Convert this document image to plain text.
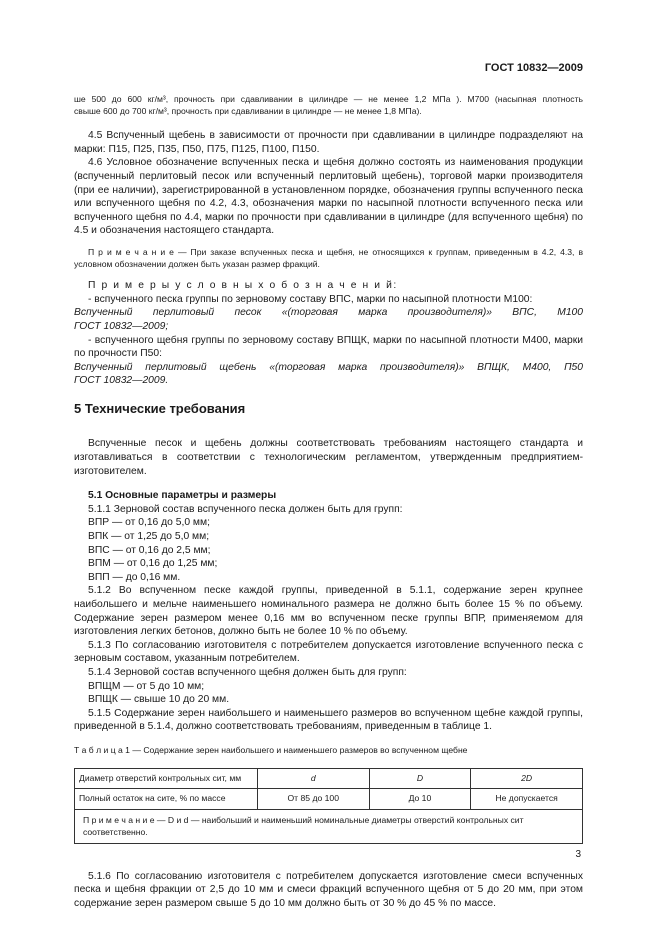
ГОСТ 10832—2009

ше 500 до 600 кг/м³, прочность при сдавливании в цилиндре — не менее 1,2 МПа ). М700 (насыпная плотность

свыше 600 до 700 кг/м³, прочность при сдавливании в цилиндре — не менее 1,8 МПа).

4.5 Вспученный щебень в зависимости от прочности при сдавливании в цилиндре подразделяют на марки: П15, П25, П35, П50, П75, П125, П100, П150.

4.6 Условное обозначение вспученных песка и щебня должно состоять из наименования продукции (вспученный перлитовый песок или вспученный перлитовый щебень), торговой марки производителя (при ее наличии), зарегистрированной в установленном порядке, обозначения группы вспученного песка или вспученного щебня по 4.2, 4.3, обозначения марки по насыпной плотности вспученного песка или вспученного щебня по 4.4, марки по прочности при сдавливании в цилиндре (для вспученного щебня) по 4.5 и обозначения настоящего стандарта.

П р и м е ч а н и е — При заказе вспученных песка и щебня, не относящихся к группам, приведенным в 4.2, 4.3, в условном обозначении должен быть указан размер фракций.

П р и м е р ы у с л о в н ы х о б о з н а ч е н и й:

- вспученного песка группы по зерновому составу ВПС, марки по насыпной плотности М100:

Вспученный перлитовый песок «(торговая марка производителя)» ВПС, М100

ГОСТ 10832—2009;

- вспученного щебня группы по зерновому составу ВПЩК, марки по насыпной плотности М400, марки по прочности П50:

Вспученный перлитовый щебень «(торговая марка производителя)» ВПЩК, М400, П50

ГОСТ 10832—2009.

5 Технические требования

Вспученные песок и щебень должны соответствовать требованиям настоящего стандарта и изготавливаться в соответствии с технологическим регламентом, утвержденным предприятием-изготовителем.

5.1 Основные параметры и размеры

5.1.1 Зерновой состав вспученного песка должен быть для групп:

ВПР — от 0,16 до 5,0 мм;

ВПК — от 1,25 до 5,0 мм;

ВПС — от 0,16 до 2,5 мм;

ВПМ — от 0,16 до 1,25 мм;

ВПП — до 0,16 мм.

5.1.2 Во вспученном песке каждой группы, приведенной в 5.1.1, содержание зерен крупнее наибольшего и мельче наименьшего номинального размера не должно быть более 15 % по объему. Содержание зерен размером менее 0,16 мм во вспученном песке группы ВПР, применяемом для изготовления легких бетонов, должно быть не более 10 % по объему.

5.1.3 По согласованию изготовителя с потребителем допускается изготовление вспученного песка с зерновым составом, указанным потребителем.

5.1.4 Зерновой состав вспученного щебня должен быть для групп:

ВПЩМ — от 5 до 10 мм;

ВПЩК — свыше 10 до 20 мм.

5.1.5 Содержание зерен наибольшего и наименьшего размеров во вспученном щебне каждой группы, приведенной в 5.1.4, должно соответствовать требованиям, приведенным в таблице 1.

Т а б л и ц а 1 — Содержание зерен наибольшего и наименьшего размеров во вспученном щебне

Диаметр отверстий контрольных сит, мм	d	D	2D
Полный остаток на сите, % по массе	От 85 до 100	До 10	Не допускается
П р и м е ч а н и е — D и d — наибольший и наименьший номинальные диаметры отверстий контрольных сит соответственно.			

5.1.6 По согласованию изготовителя с потребителем допускается изготовление смеси вспученных песка и щебня фракции от 2,5 до 10 мм и смеси фракций вспученного щебня от 5 до 20 мм, при этом содержание зерен размером свыше 5 до 10 мм должно быть от 30 % до 45 % по массе.

3
